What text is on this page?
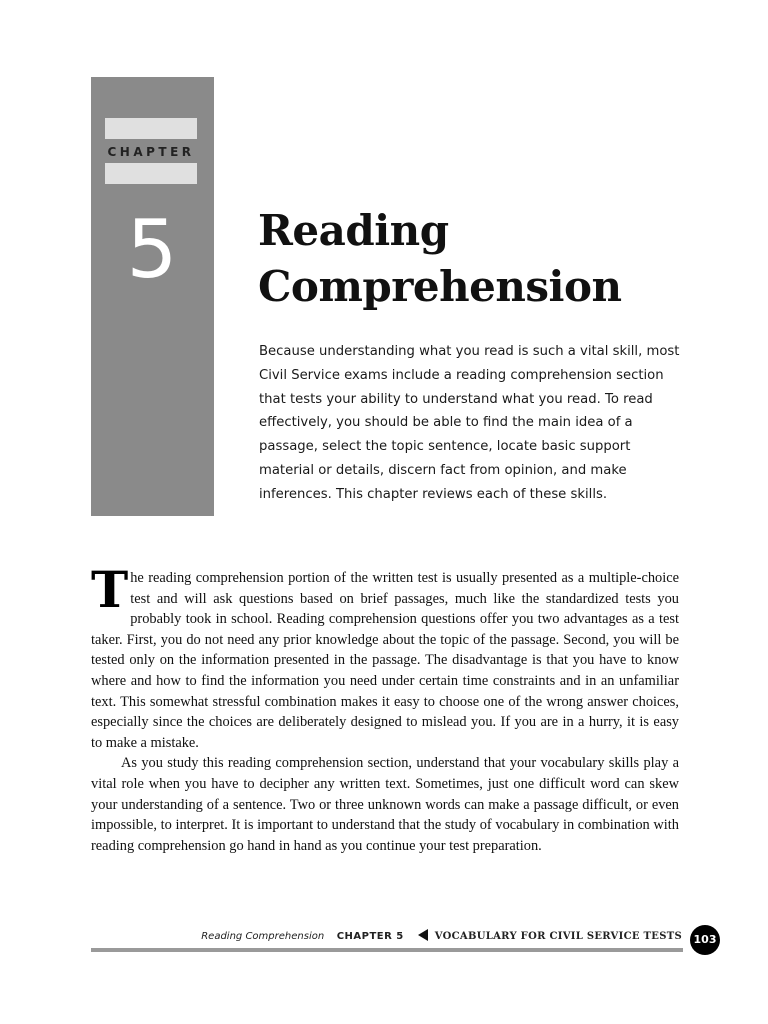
CHAPTER
5	Reading
Comprehension

Because understanding what you read is such a vital skill, most Civil Service exams include a reading comprehension section that tests your ability to understand what you read. To read effectively, you should be able to find the main idea of a passage, select the topic sentence, locate basic support material or details, discern fact from opinion, and make inferences. This chapter reviews each of these skills.

The reading comprehension portion of the written test is usually presented as a multiple-choice test and will ask questions based on brief passages, much like the standardized tests you probably took in school. Reading comprehension questions offer you two advantages as a test taker. First, you do not need any prior knowledge about the topic of the passage. Second, you will be tested only on the information presented in the passage. The disadvantage is that you have to know where and how to find the information you need under certain time constraints and in an unfamiliar text. This somewhat stressful combination makes it easy to choose one of the wrong answer choices, especially since the choices are deliberately designed to mislead you. If you are in a hurry, it is easy to make a mistake.

As you study this reading comprehension section, understand that your vocabulary skills play a vital role when you have to decipher any written text. Sometimes, just one difficult word can skew your understanding of a sentence. Two or three unknown words can make a passage difficult, or even impossible, to interpret. It is important to understand that the study of vocabulary in combination with reading comprehension go hand in hand as you continue your test preparation.

Reading Comprehension CHAPTER 5	VOCABULARY FOR CIVIL SERVICE TESTS	103
